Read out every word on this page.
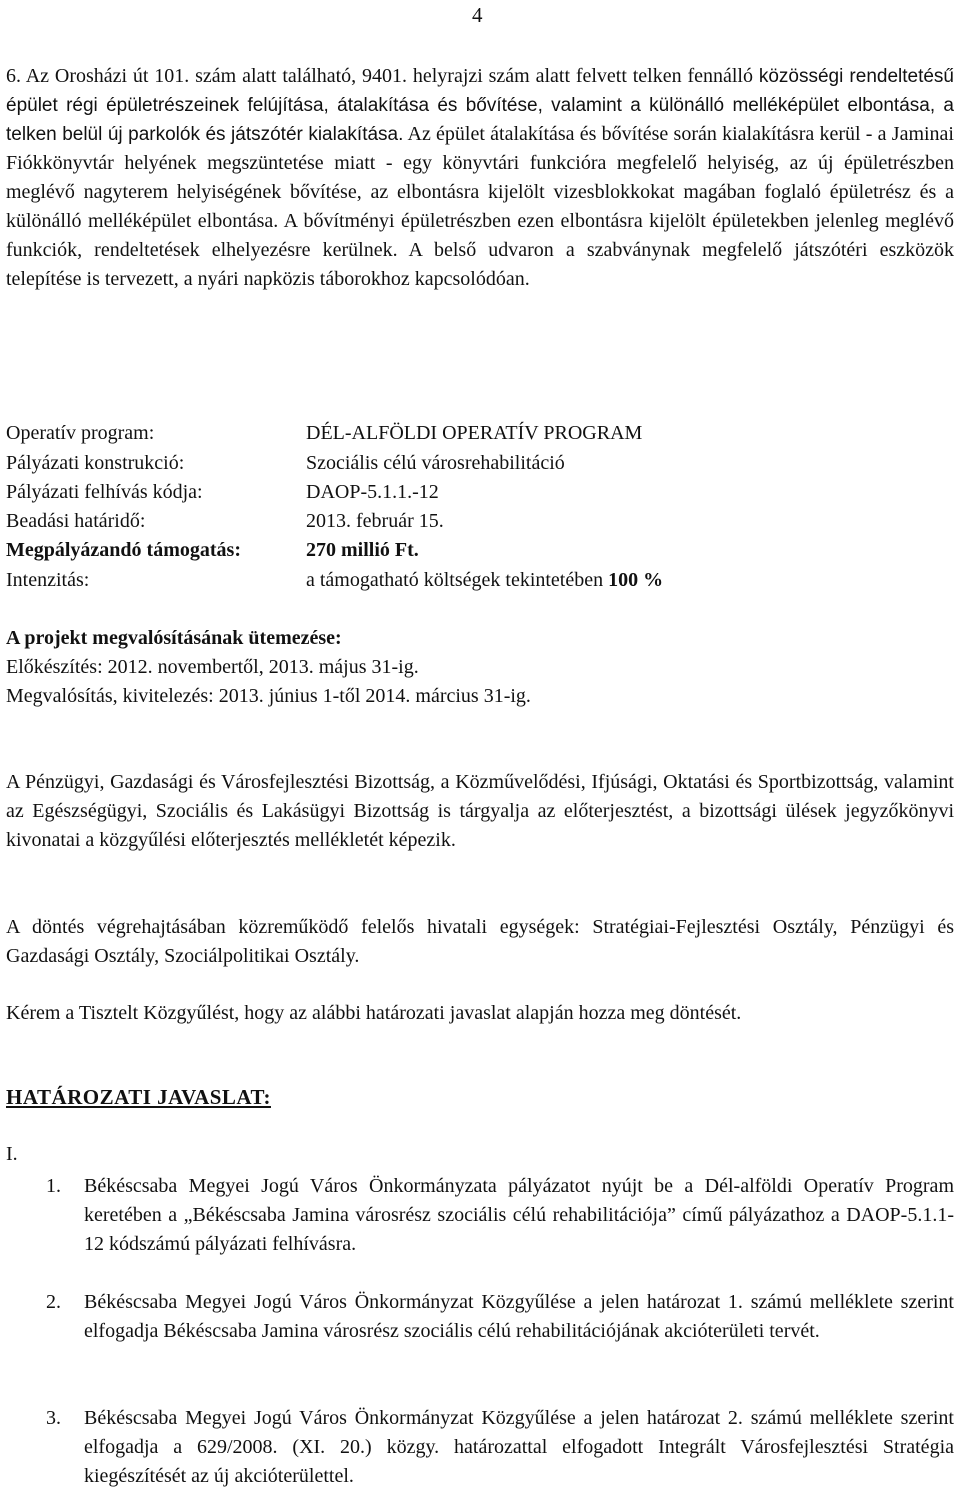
4

6. Az Orosházi út 101. szám alatt található, 9401. helyrajzi szám alatt felvett telken fennálló közösségi rendeltetésű épület régi épületrészeinek felújítása, átalakítása és bővítése, valamint a különálló melléképület elbontása, a telken belül új parkolók és játszótér kialakítása. Az épület átalakítása és bővítése során kialakításra kerül - a Jaminai Fiókkönyvtár helyének megszüntetése miatt - egy könyvtári funkcióra megfelelő helyiség, az új épületrészben meglévő nagyterem helyiségének bővítése, az elbontásra kijelölt vizesblokkokat magában foglaló épületrész és a különálló melléképület elbontása. A bővítményi épületrészben ezen elbontásra kijelölt épületekben jelenleg meglévő funkciók, rendeltetések elhelyezésre kerülnek. A belső udvaron a szabványnak megfelelő játszótéri eszközök telepítése is tervezett, a nyári napközis táborokhoz kapcsolódóan.

Operatív program:	DÉL-ALFÖLDI OPERATÍV PROGRAM
Pályázati konstrukció:	Szociális célú városrehabilitáció
Pályázati felhívás kódja:	DAOP-5.1.1.-12
Beadási határidő:	2013. február 15.
Megpályázandó támogatás:	270 millió Ft.
Intenzitás:	a támogatható költségek tekintetében 100 %
A projekt megvalósításának ütemezése:
Előkészítés: 2012. novembertől, 2013. május 31-ig.
Megvalósítás, kivitelezés: 2013. június 1-től 2014. március 31-ig.

A Pénzügyi, Gazdasági és Városfejlesztési Bizottság, a Közművelődési, Ifjúsági, Oktatási és Sportbizottság, valamint az Egészségügyi, Szociális és Lakásügyi Bizottság is tárgyalja az előterjesztést, a bizottsági ülések jegyzőkönyvi kivonatai a közgyűlési előterjesztés mellékletét képezik.

A döntés végrehajtásában közreműködő felelős hivatali egységek: Stratégiai-Fejlesztési Osztály, Pénzügyi és Gazdasági Osztály, Szociálpolitikai Osztály.

Kérem a Tisztelt Közgyűlést, hogy az alábbi határozati javaslat alapján hozza meg döntését.
HATÁROZATI JAVASLAT:
I.
1. Békéscsaba Megyei Jogú Város Önkormányzata pályázatot nyújt be a Dél-alföldi Operatív Program keretében a „Békéscsaba Jamina városrész szociális célú rehabilitációja” című pályázathoz a DAOP-5.1.1-12 kódszámú pályázati felhívásra.
2. Békéscsaba Megyei Jogú Város Önkormányzat Közgyűlése a jelen határozat 1. számú melléklete szerint elfogadja Békéscsaba Jamina városrész szociális célú rehabilitációjának akcióterületi tervét.
3. Békéscsaba Megyei Jogú Város Önkormányzat Közgyűlése a jelen határozat 2. számú melléklete szerint elfogadja a 629/2008. (XI. 20.) közgy. határozattal elfogadott Integrált Városfejlesztési Stratégia kiegészítését az új akcióterülettel.
